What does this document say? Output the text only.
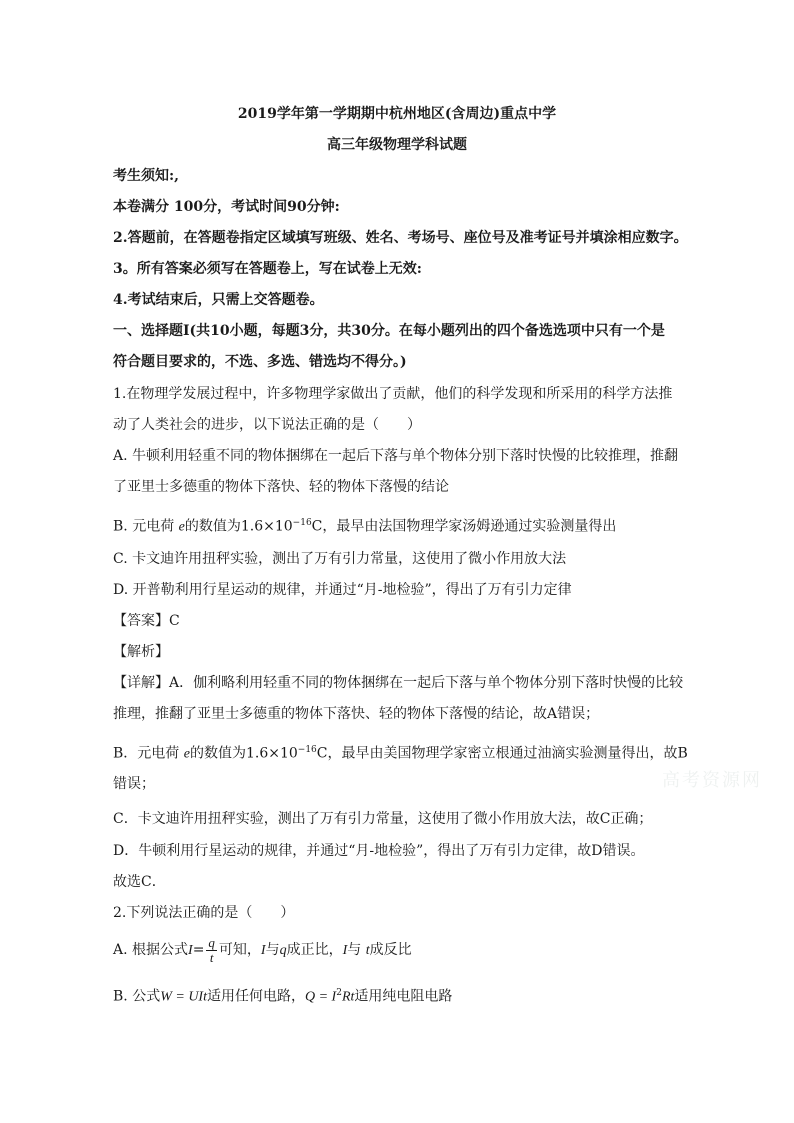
2019学年第一学期期中杭州地区(含周边)重点中学
高三年级物理学科试题
考生须知:,
本卷满分 100分，考试时间90分钟:
2.答题前，在答题卷指定区域填写班级、姓名、考场号、座位号及准考证号并填涂相应数字。
3。所有答案必须写在答题卷上，写在试卷上无效:
4.考试结束后，只需上交答题卷。
一、选择题Ⅰ(共10小题，每题3分，共30分。在每小题列出的四个备选选项中只有一个是
符合题目要求的，不选、多选、错选均不得分。)
1.在物理学发展过程中，许多物理学家做出了贡献，他们的科学发现和所采用的科学方法推
动了人类社会的进步，以下说法正确的是（　　）
A. 牛顿利用轻重不同的物体捆绑在一起后下落与单个物体分别下落时快慢的比较推理，推翻
了亚里士多德重的物体下落快、轻的物体下落慢的结论
B. 元电荷 e的数值为$1.6\times 10^{-16}C$，最早由法国物理学家汤姆逊通过实验测量得出
C. 卡文迪许用扭秤实验，测出了万有引力常量，这使用了微小作用放大法
D. 开普勒利用行星运动的规律，并通过“月-地检验”，得出了万有引力定律
【答案】C
【解析】
【详解】A．伽利略利用轻重不同的物体捆绑在一起后下落与单个物体分别下落时快慢的比较
推理，推翻了亚里士多德重的物体下落快、轻的物体下落慢的结论，故A错误；
B．元电荷 e的数值为$1.6\times 10^{-16}C$，最早由美国物理学家密立根通过油滴实验测量得出，故B
错误；
C．卡文迪许用扭秤实验，测出了万有引力常量，这使用了微小作用放大法，故C正确；
D．牛顿利用行星运动的规律，并通过“月-地检验”，得出了万有引力定律，故D错误。
故选C．
2.下列说法正确的是（　　）
A. 根据公式$I= \frac{q}{t}$ 可知，I与q成正比，I与 t成反比
B. 公式W = UIt适用任何电路，$Q = I^2Rt$适用纯电阻电路
高考资源网
